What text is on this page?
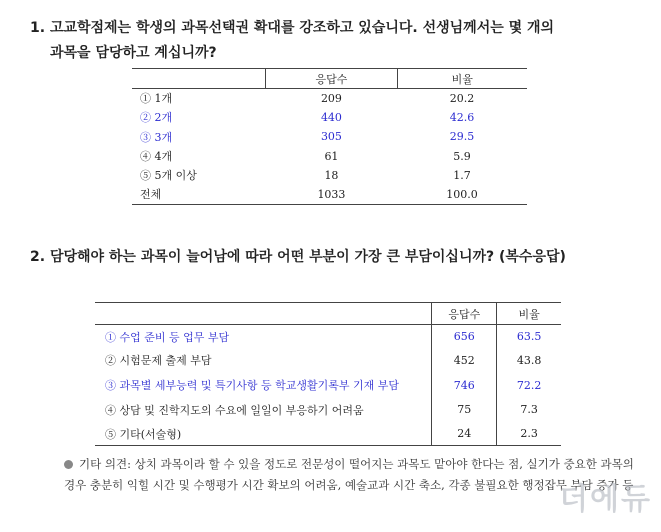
1. 고교학점제는 학생의 과목선택권 확대를 강조하고 있습니다. 선생님께서는 몇 개의
과목을 담당하고 계십니까?
	응답수	비율
① 1개	209	20.2
② 2개	440	42.6
③ 3개	305	29.5
④ 4개	61	5.9
⑤ 5개 이상	18	1.7
전체	1033	100.0
2. 담당해야 하는 과목이 늘어남에 따라 어떤 부분이 가장 큰 부담이십니까? (복수응답)
	응답수	비율
① 수업 준비 등 업무 부담	656	63.5
② 시험문제 출제 부담	452	43.8
③ 과목별 세부능력 및 특기사항 등 학교생활기록부 기재 부담	746	72.2
④ 상담 및 진학지도의 수요에 일일이 부응하기 어려움	75	7.3
⑤ 기타(서술형)	24	2.3
기타 의견: 상치 과목이라 할 수 있을 정도로 전문성이 떨어지는 과목도 맡아야 한다는 점, 실기가 중요한 과목의 경우 충분히 익힐 시간 및 수행평가 시간 확보의 어려움, 예술교과 시간 축소, 각종 불필요한 행정잡무 부담 증가 등
더에듀
